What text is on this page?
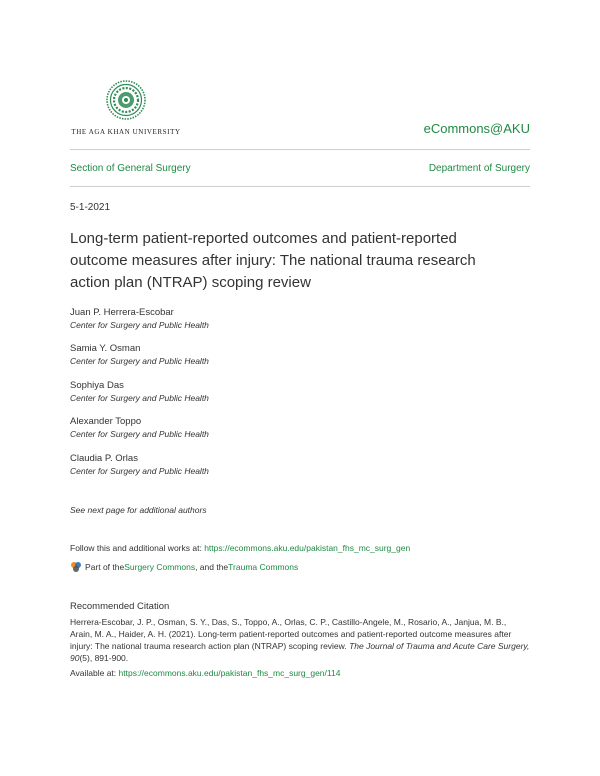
THE AGA KHAN UNIVERSITY	eCommons@AKU
Section of General Surgery	Department of Surgery
5-1-2021
Long-term patient-reported outcomes and patient-reported outcome measures after injury: The national trauma research action plan (NTRAP) scoping review
Juan P. Herrera-Escobar
Center for Surgery and Public Health
Samia Y. Osman
Center for Surgery and Public Health
Sophiya Das
Center for Surgery and Public Health
Alexander Toppo
Center for Surgery and Public Health
Claudia P. Orlas
Center for Surgery and Public Health
See next page for additional authors
Follow this and additional works at: https://ecommons.aku.edu/pakistan_fhs_mc_surg_gen
Part of the Surgery Commons , and the Trauma Commons
Recommended Citation
Herrera-Escobar, J. P., Osman, S. Y., Das, S., Toppo, A., Orlas, C. P., Castillo-Angele, M., Rosario, A., Janjua, M. B., Arain, M. A., Haider, A. H. (2021). Long-term patient-reported outcomes and patient-reported outcome measures after injury: The national trauma research action plan (NTRAP) scoping review. The Journal of Trauma and Acute Care Surgery, 90(5), 891-900.
Available at: https://ecommons.aku.edu/pakistan_fhs_mc_surg_gen/114
